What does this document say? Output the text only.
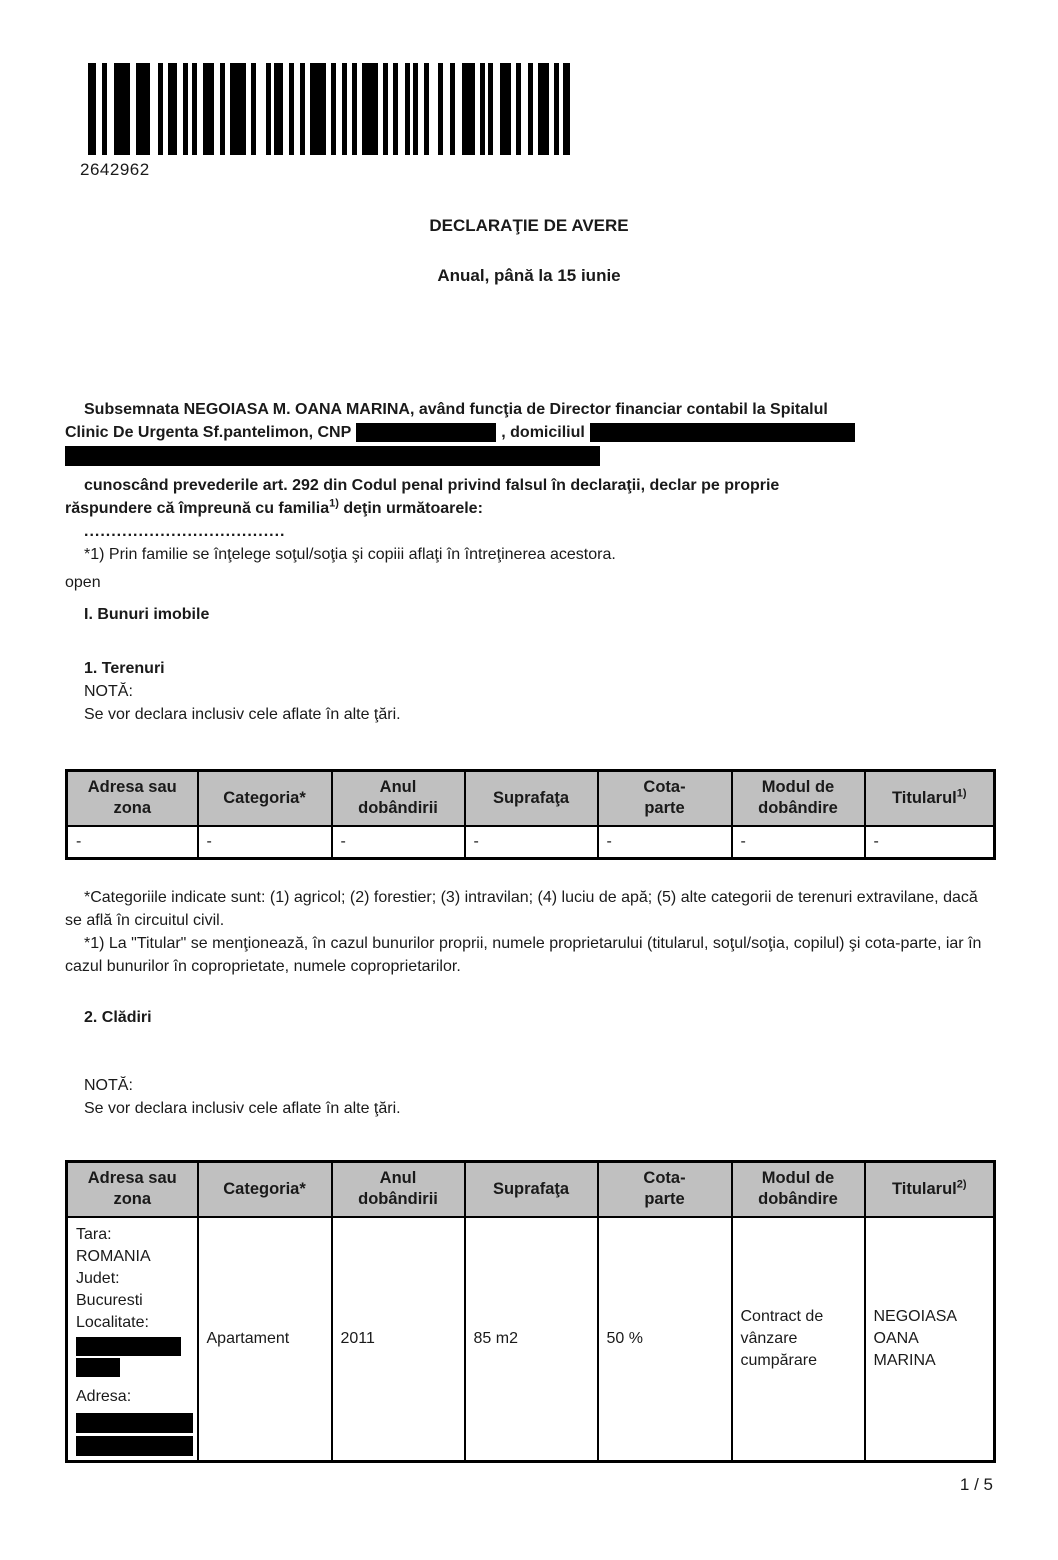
2642962
DECLARAŢIE DE AVERE
Anual, până la 15 iunie

Subsemnata NEGOIASA M. OANA MARINA, având funcţia de Director financiar contabil la Spitalul
Clinic De Urgenta Sf.pantelimon, CNP	, domiciliul

cunoscând prevederile art. 292 din Codul penal privind falsul în declaraţii, declar pe proprie
răspundere că împreună cu familia$^{1)}$ deţin următoarele:

.....................................

*1) Prin familie se înţelege soţul/soţia şi copiii aflaţi în întreţinerea acestora.

open
I. Bunuri imobile
1. Terenuri
NOTĂ:
Se vor declara inclusiv cele aflate în alte ţări.
Adresa sau zona	Categoria*	Anul dobândirii	Suprafaţa	Cota-parte	Modul de dobândire	Titularul$^{1)}$
-	-	-	-	-	-	-

*Categoriile indicate sunt: (1) agricol; (2) forestier; (3) intravilan; (4) luciu de apă; (5) alte categorii de terenuri extravilane, dacă se află în circuitul civil.

*1) La "Titular" se menţionează, în cazul bunurilor proprii, numele proprietarului (titularul, soţul/soţia, copilul) şi cota-parte, iar în cazul bunurilor în coproprietate, numele coproprietarilor.

2. Clădiri
NOTĂ:
Se vor declara inclusiv cele aflate în alte ţări.
Adresa sau zona	Categoria*	Anul dobândirii	Suprafaţa	Cota-parte	Modul de dobândire	Titularul$^{2)}$

Tara:
ROMANIA
Judet:
Bucuresti
Localitate:
Adresa:
	Apartament	2011	85 m2	50 %	Contract de vânzare cumpărare	NEGOIASA OANA MARINA
1 / 5
